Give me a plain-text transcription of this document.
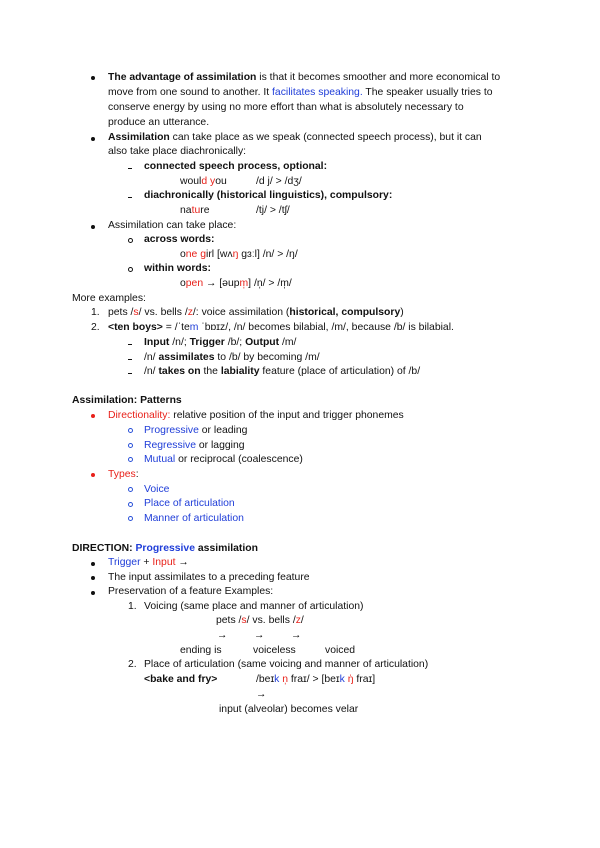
The advantage of assimilation is that it becomes smoother and more economical to
move from one sound to another. It facilitates speaking. The speaker usually tries to
conserve energy by using no more effort than what is absolutely necessary to
produce an utterance.
Assimilation can take place as we speak (connected speech process), but it can
also take place diachronically:
connected speech process, optional:
would you	/d j/ > /dʒ/
diachronically (historical linguistics), compulsory:
nature	/tj/ > /tʃ/
Assimilation can take place:
across words:
one girl [wʌŋ gɜːl] /n/ > /ŋ/
within words:
open → [əupm̩] /n̩/ > /m̩/
More examples:
1. pets /s/ vs. bells /z/: voice assimilation (historical, compulsory)
2. <ten boys> = /ˈtem ˈbɒɪz/, /n/ becomes bilabial, /m/, because /b/ is bilabial.
Input /n/; Trigger /b/; Output /m/
/n/ assimilates to /b/ by becoming /m/
/n/ takes on the labiality feature (place of articulation) of /b/
Assimilation: Patterns
Directionality: relative position of the input and trigger phonemes
Progressive or leading
Regressive or lagging
Mutual or reciprocal (coalescence)
Types:
Voice
Place of articulation
Manner of articulation
DIRECTION: Progressive assimilation
Trigger + Input →
The input assimilates to a preceding feature
Preservation of a feature Examples:
1. Voicing (same place and manner of articulation)
pets /s/ vs. bells /z/
→	→	→
ending is	voiceless	voiced
2. Place of articulation (same voicing and manner of articulation)
<bake and fry>	/beɪk n̩ fraɪ/ > [beɪk ŋ̍ fraɪ]
→
input (alveolar) becomes velar
